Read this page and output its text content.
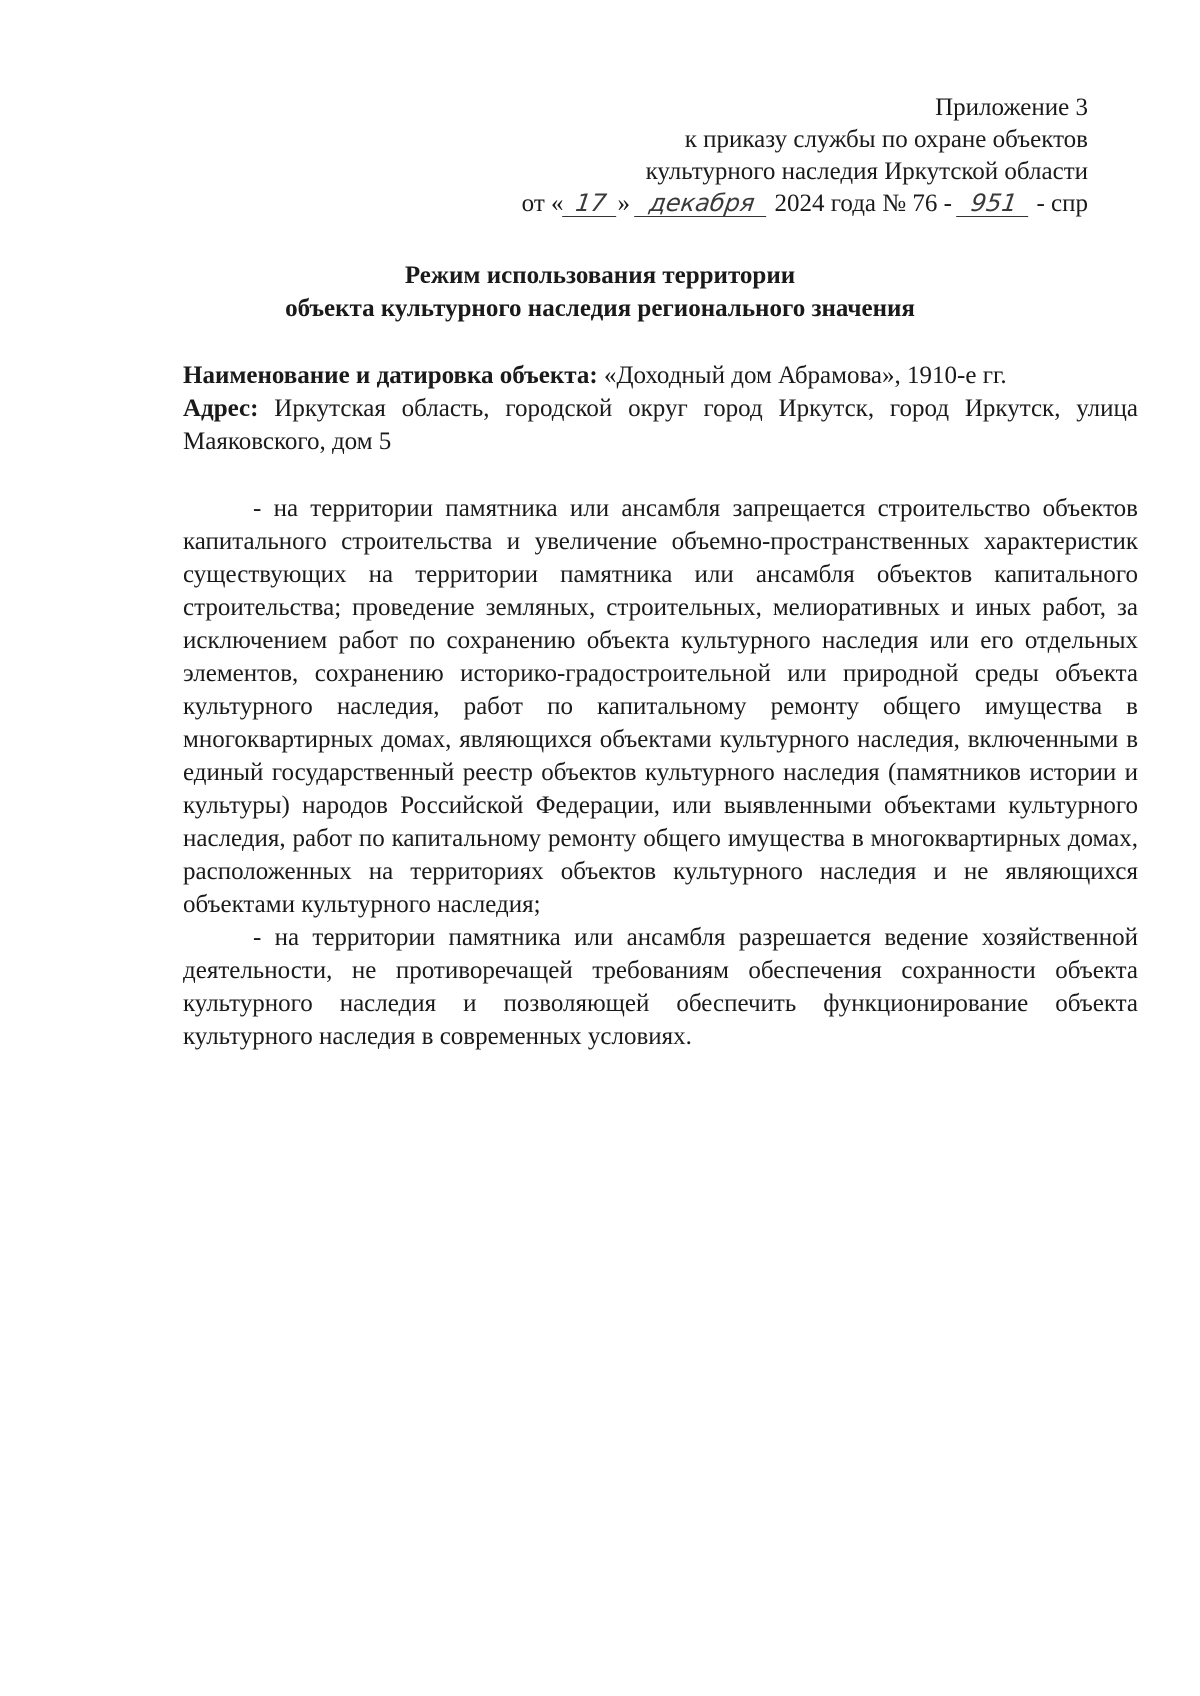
Приложение 3
к приказу службы по охране объектов
культурного наследия Иркутской области
от « 17 » декабря 2024 года № 76 - 951 - спр
Режим использования территории
объекта культурного наследия регионального значения
Наименование и датировка объекта: «Доходный дом Абрамова», 1910-е гг.
Адрес: Иркутская область, городской округ город Иркутск, город Иркутск, улица Маяковского, дом 5

- на территории памятника или ансамбля запрещается строительство объектов капитального строительства и увеличение объемно-пространственных характеристик существующих на территории памятника или ансамбля объектов капитального строительства; проведение земляных, строительных, мелиоративных и иных работ, за исключением работ по сохранению объекта культурного наследия или его отдельных элементов, сохранению историко-градостроительной или природной среды объекта культурного наследия, работ по капитальному ремонту общего имущества в многоквартирных домах, являющихся объектами культурного наследия, включенными в единый государственный реестр объектов культурного наследия (памятников истории и культуры) народов Российской Федерации, или выявленными объектами культурного наследия, работ по капитальному ремонту общего имущества в многоквартирных домах, расположенных на территориях объектов культурного наследия и не являющихся объектами культурного наследия;

- на территории памятника или ансамбля разрешается ведение хозяйственной деятельности, не противоречащей требованиям обеспечения сохранности объекта культурного наследия и позволяющей обеспечить функционирование объекта культурного наследия в современных условиях.
